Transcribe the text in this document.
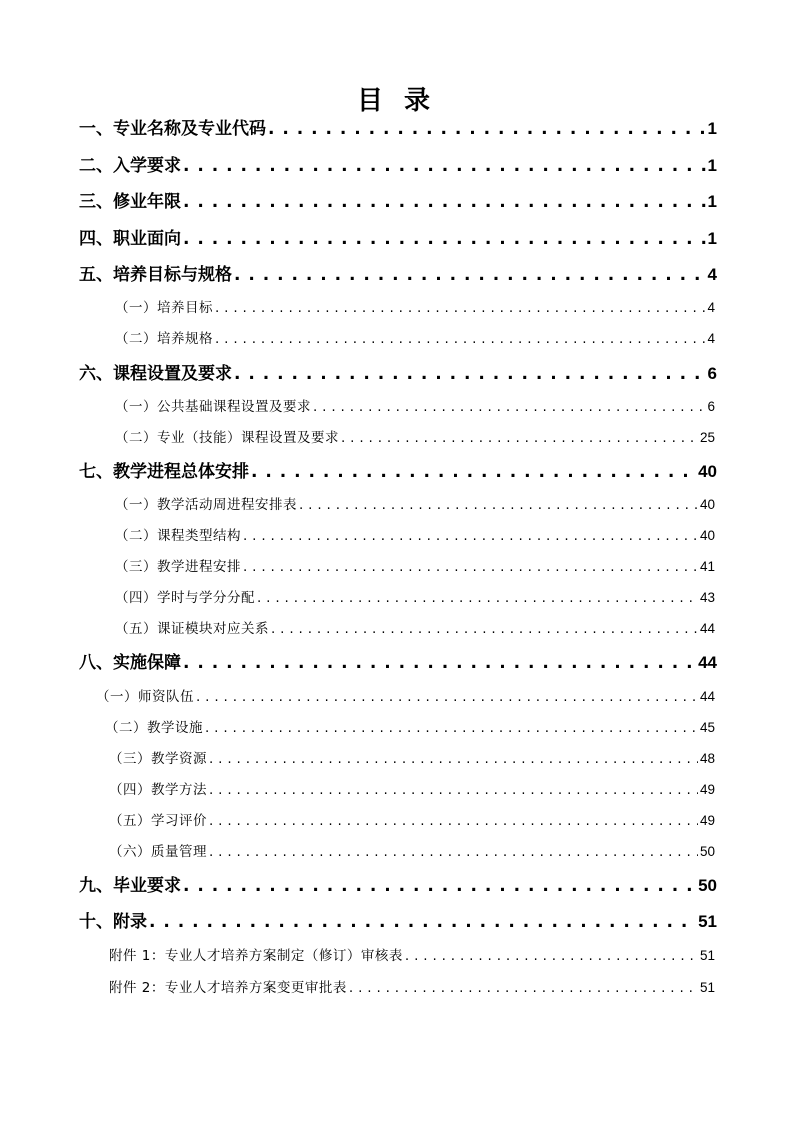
目 录
一、专业名称及专业代码 . . .	1
二、入学要求 . . .	1
三、修业年限 . . .	1
四、职业面向 . . .	1
五、培养目标与规格 . . .	4
（一）培养目标 . . .	4
（二）培养规格 . . .	4
六、课程设置及要求 . . .	6
（一）公共基础课程设置及要求 . . .	6
（二）专业（技能）课程设置及要求 . . .	25
七、教学进程总体安排 . . .	40
（一）教学活动周进程安排表 . . .	40
（二）课程类型结构 . . .	40
（三）教学进程安排 . . .	41
（四）学时与学分分配 . . .	43
（五）课证模块对应关系 . . .	44
八、实施保障 . . .	44
（一）师资队伍 . . .	44
（二）教学设施 . . .	45
（三）教学资源 . . .	48
（四）教学方法 . . .	49
（五）学习评价 . . .	49
（六）质量管理 . . .	50
九、毕业要求 . . .	50
十、附录 . . .	51
附件 1：专业人才培养方案制定（修订）审核表 . . .	51
附件 2：专业人才培养方案变更审批表 . . .	51
